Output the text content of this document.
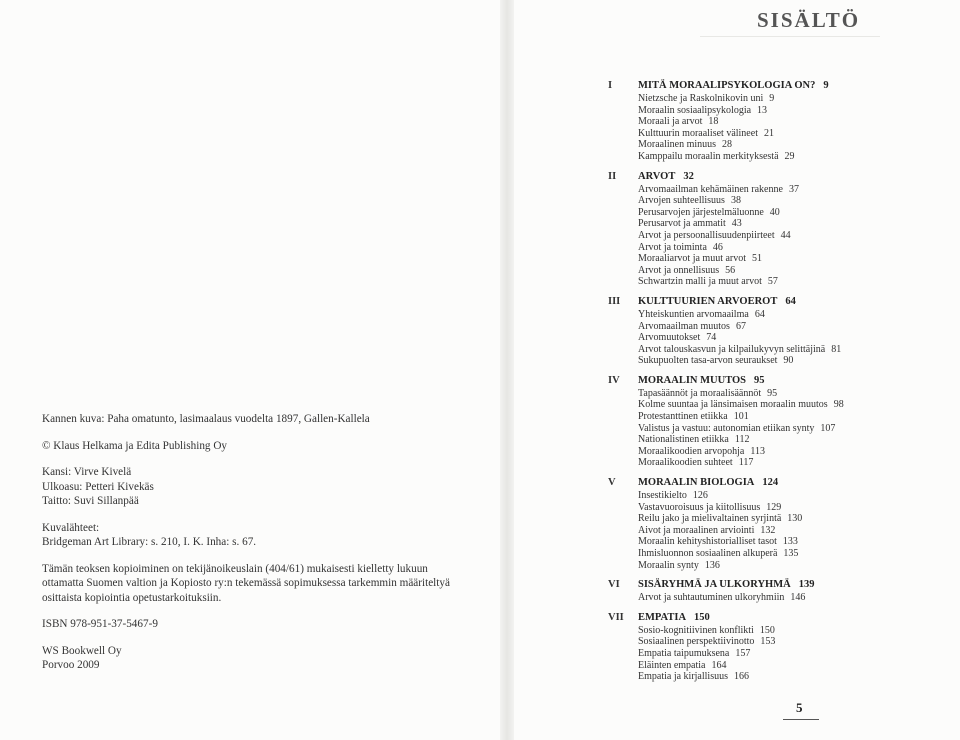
Kannen kuva: Paha omatunto, lasimaalaus vuodelta 1897, Gallen-Kallela
© Klaus Helkama ja Edita Publishing Oy
Kansi: Virve Kivelä
Ulkoasu: Petteri Kivekäs
Taitto: Suvi Sillanpää
Kuvalähteet:
Bridgeman Art Library: s. 210, I. K. Inha: s. 67.
Tämän teoksen kopioiminen on tekijänoikeuslain (404/61) mukaisesti kielletty lukuun ottamatta Suomen valtion ja Kopiosto ry:n tekemässä sopimuksessa tarkemmin määriteltyä osittaista kopiointia opetustarkoituksiin.
ISBN 978-951-37-5467-9
WS Bookwell Oy
Porvoo 2009
SISÄLTÖ
I	MITÄ MORAALIPSYKOLOGIA ON? 9
Nietzsche ja Raskolnikovin uni 9
Moraalin sosiaalipsykologia 13
Moraali ja arvot 18
Kulttuurin moraaliset välineet 21
Moraalinen minuus 28
Kamppailu moraalin merkityksestä 29
II	ARVOT 32
Arvomaailman kehämäinen rakenne 37
Arvojen suhteellisuus 38
Perusarvojen järjestelmäluonne 40
Perusarvot ja ammatit 43
Arvot ja persoonallisuudenpiirteet 44
Arvot ja toiminta 46
Moraaliarvot ja muut arvot 51
Arvot ja onnellisuus 56
Schwartzin malli ja muut arvot 57
III	KULTTUURIEN ARVOEROT 64
Yhteiskuntien arvomaailma 64
Arvomaailman muutos 67
Arvomuutokset 74
Arvot talouskasvun ja kilpailukyvyn selittäjinä 81
Sukupuolten tasa-arvon seuraukset 90
IV	MORAALIN MUUTOS 95
Tapasäännöt ja moraalisäännöt 95
Kolme suuntaa ja länsimaisen moraalin muutos 98
Protestanttinen etiikka 101
Valistus ja vastuu: autonomian etiikan synty 107
Nationalistinen etiikka 112
Moraalikoodien arvopohja 113
Moraalikoodien suhteet 117
V	MORAALIN BIOLOGIA 124
Insestikielto 126
Vastavuoroisuus ja kiitollisuus 129
Reilu jako ja mielivaltainen syrjintä 130
Aivot ja moraalinen arviointi 132
Moraalin kehityshistorialliset tasot 133
Ihmisluonnon sosiaalinen alkuperä 135
Moraalin synty 136
VI	SISÄRYHMÄ JA ULKORYHMÄ 139
Arvot ja suhtautuminen ulkoryhmiin 146
VII	EMPATIA 150
Sosio-kognitiivinen konflikti 150
Sosiaalinen perspektiivinotto 153
Empatia taipumuksena 157
Eläinten empatia 164
Empatia ja kirjallisuus 166
5
